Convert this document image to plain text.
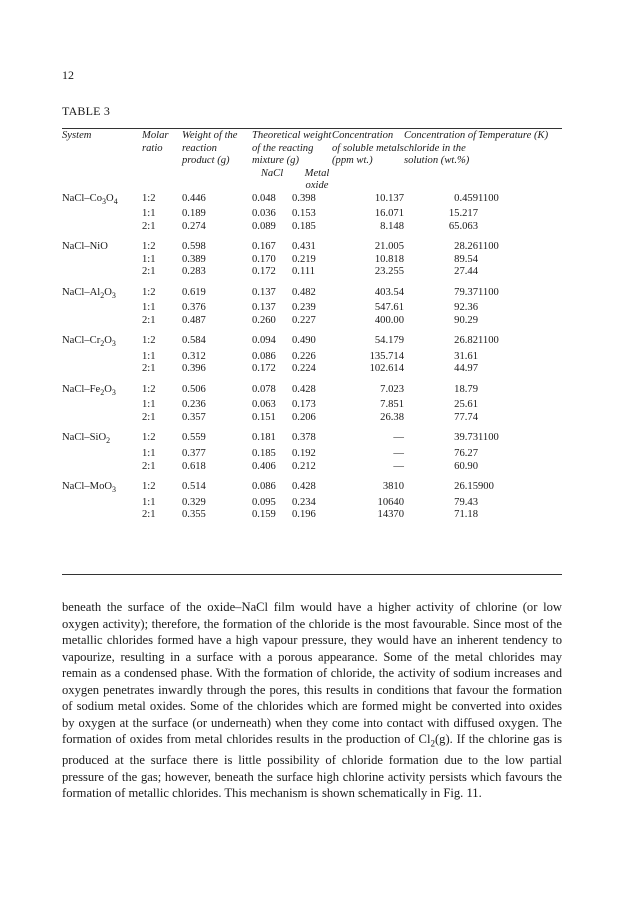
12
TABLE 3
System	Molar ratio	Weight of the reaction product (g)	Theoretical weight of the reacting mixture (g)		Concentration of soluble metals (ppm wt.)	Concentration of chloride in the solution (wt.%)	Temperature (K)
			NaCl	Metal oxide			
NaCl–$Co_3O_4$	1:2	0.446	0.048	0.398	10.137	0.459	1100
	1:1	0.189	0.036	0.153	16.071	15.217	
	2:1	0.274	0.089	0.185	8.148	65.063	
NaCl–NiO	1:2	0.598	0.167	0.431	21.005	28.26	1100
	1:1	0.389	0.170	0.219	10.818	89.54	
	2:1	0.283	0.172	0.111	23.255	27.44	
NaCl–$Al_2O_3$	1:2	0.619	0.137	0.482	403.54	79.37	1100
	1:1	0.376	0.137	0.239	547.61	92.36	
	2:1	0.487	0.260	0.227	400.00	90.29	
NaCl–$Cr_2O_3$	1:2	0.584	0.094	0.490	54.179	26.82	1100
	1:1	0.312	0.086	0.226	135.714	31.61	
	2:1	0.396	0.172	0.224	102.614	44.97	
NaCl–$Fe_2O_3$	1:2	0.506	0.078	0.428	7.023	18.79	
	1:1	0.236	0.063	0.173	7.851	25.61	
	2:1	0.357	0.151	0.206	26.38	77.74	
NaCl–SiO$_2$	1:2	0.559	0.181	0.378	—	39.73	1100
	1:1	0.377	0.185	0.192	—	76.27	
	2:1	0.618	0.406	0.212	—	60.90	
NaCl–MoO$_3$	1:2	0.514	0.086	0.428	3810	26.15	900
	1:1	0.329	0.095	0.234	10640	79.43	
	2:1	0.355	0.159	0.196	14370	71.18	
beneath the surface of the oxide–NaCl film would have a higher activity of chlorine (or low oxygen activity); therefore, the formation of the chloride is the most favourable. Since most of the metallic chlorides formed have a high vapour pressure, they would have an inherent tendency to vapourize, resulting in a surface with a porous appearance. Some of the metal chlorides may remain as a condensed phase. With the formation of chloride, the activity of sodium increases and oxygen penetrates inwardly through the pores, this results in conditions that favour the formation of sodium metal oxides. Some of the chlorides which are formed might be converted into oxides by oxygen at the surface (or underneath) when they come into contact with diffused oxygen. The formation of oxides from metal chlorides results in the production of $Cl_2(g)$. If the chlorine gas is produced at the surface there is little possibility of chloride formation due to the low partial pressure of the gas; however, beneath the surface high chlorine activity persists which favours the formation of metallic chlorides. This mechanism is shown schematically in Fig. 11.
